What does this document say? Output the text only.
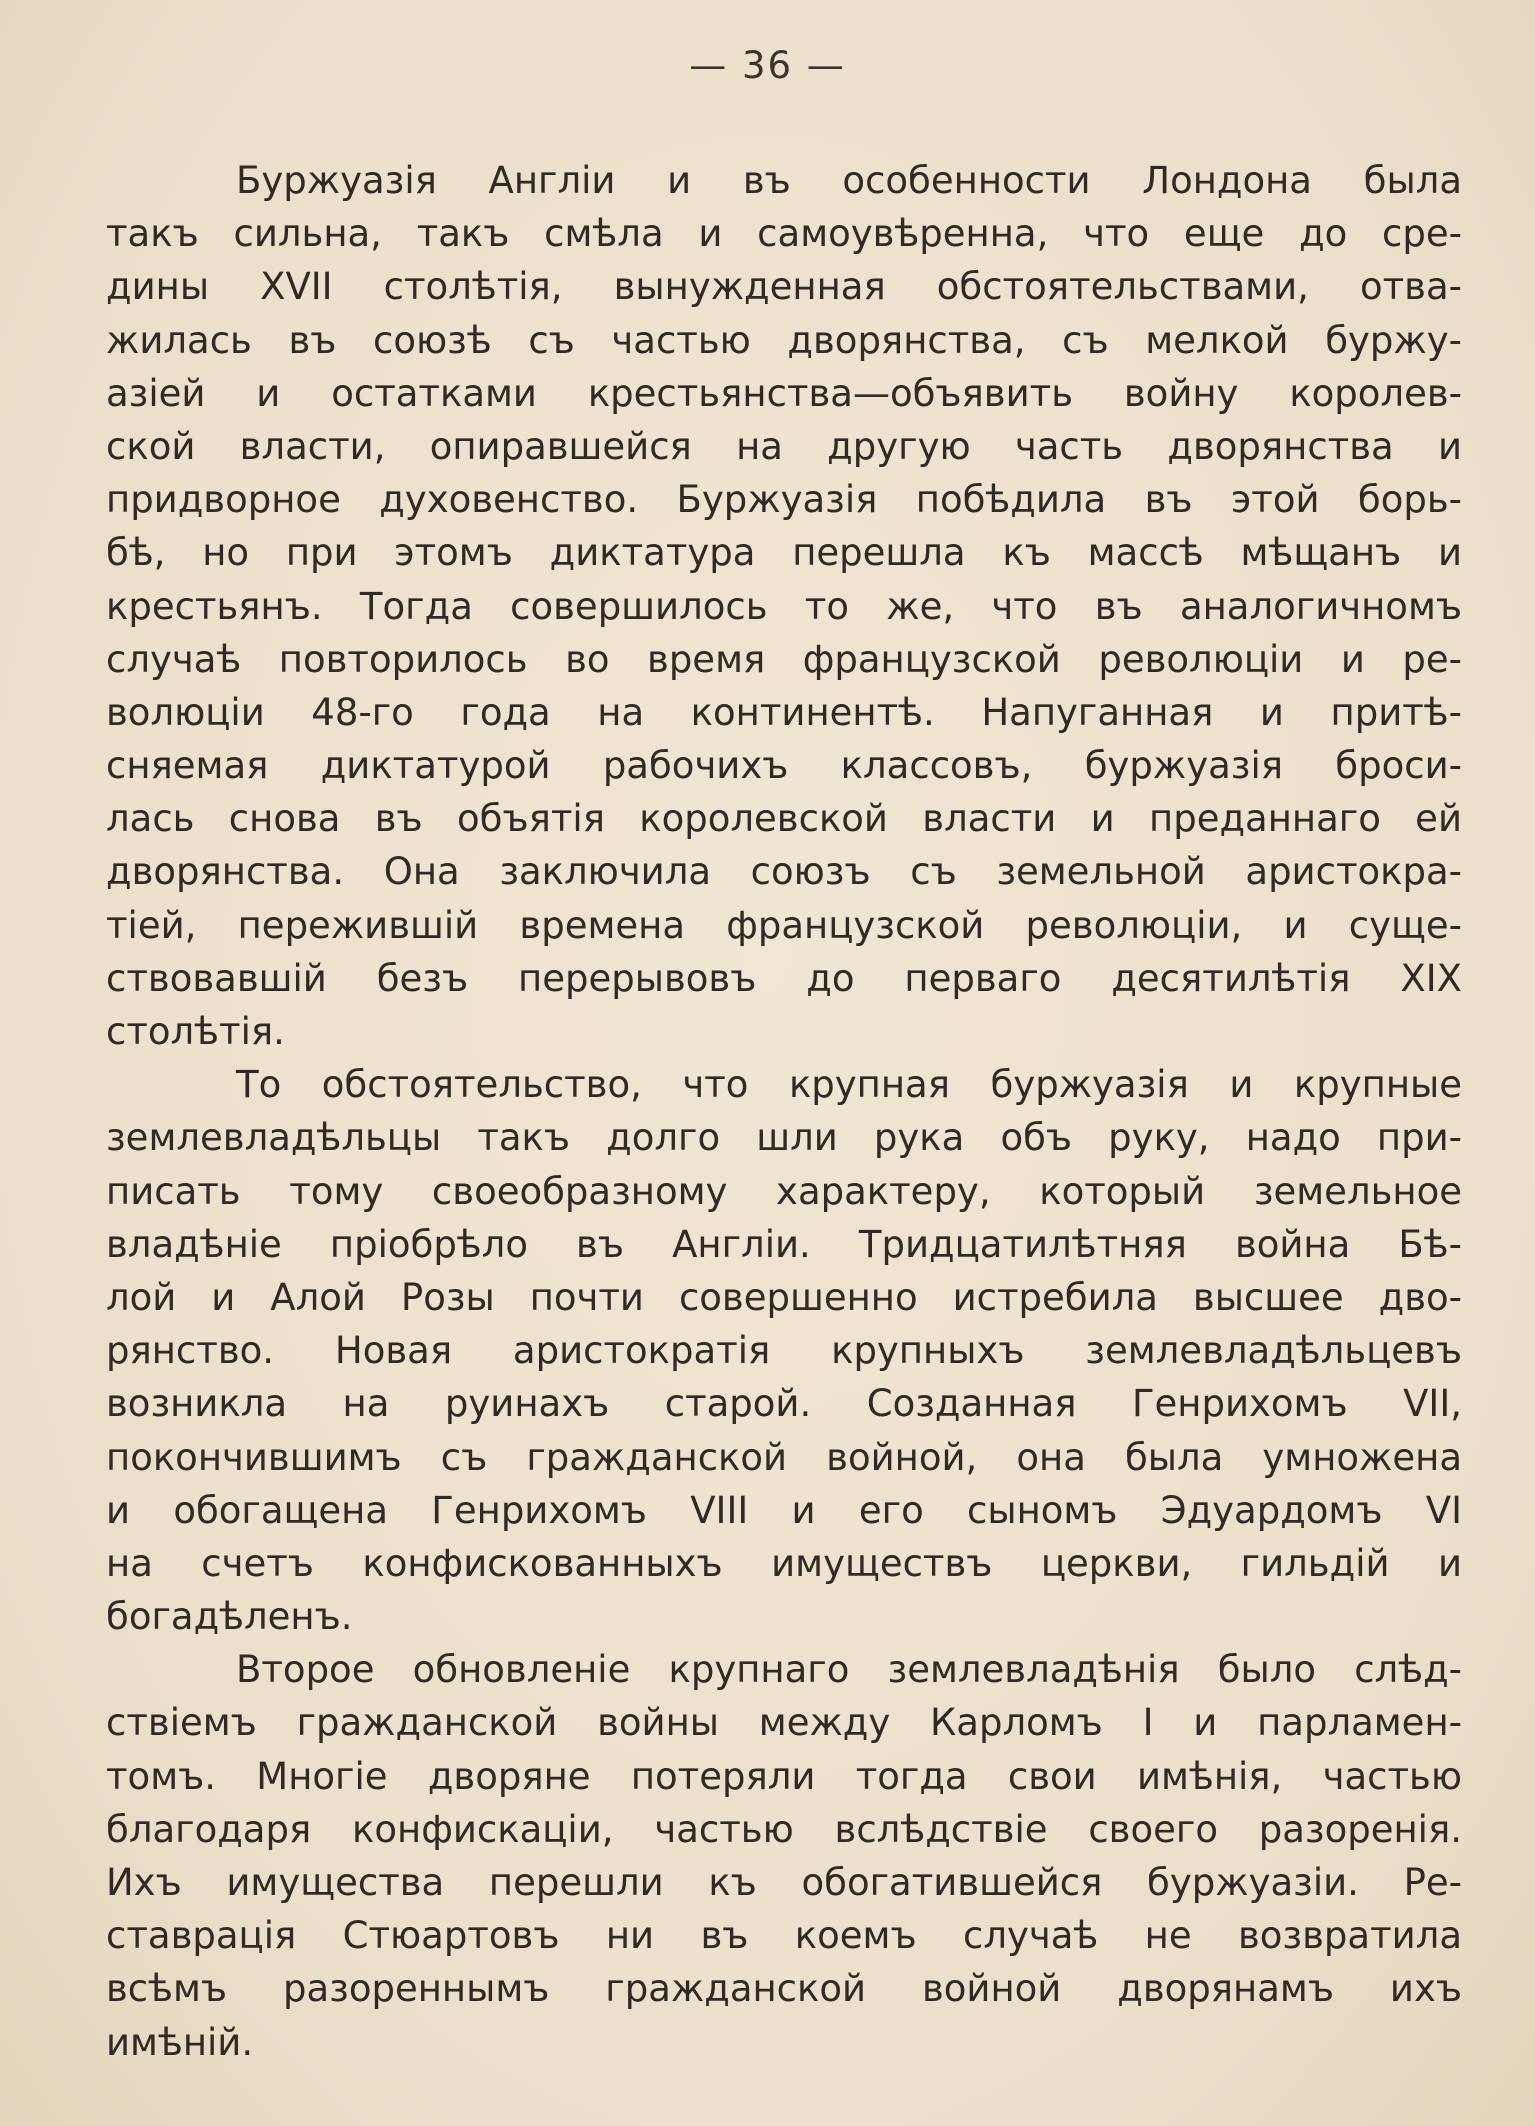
— 36 —
Буржуазія Англіи и въ особенности Лондона была
такъ сильна, такъ смѣла и самоувѣренна, что еще до сре-
дины XVII столѣтія, вынужденная обстоятельствами, отва-
жилась въ союзѣ съ частью дворянства, съ мелкой буржу-
азіей и остатками крестьянства—объявить войну королев-
ской власти, опиравшейся на другую часть дворянства и
придворное духовенство. Буржуазія побѣдила въ этой борь-
бѣ, но при этомъ диктатура перешла къ массѣ мѣщанъ и
крестьянъ. Тогда совершилось то же, что въ аналогичномъ
случаѣ повторилось во время французской революціи и ре-
волюціи 48-го года на континентѣ. Напуганная и притѣ-
сняемая диктатурой рабочихъ классовъ, буржуазія броси-
лась снова въ объятія королевской власти и преданнаго ей
дворянства. Она заключила союзъ съ земельной аристокра-
тіей, пережившій времена французской революціи, и суще-
ствовавшій безъ перерывовъ до перваго десятилѣтія XIX
столѣтія.
То обстоятельство, что крупная буржуазія и крупные
землевладѣльцы такъ долго шли рука объ руку, надо при-
писать тому своеобразному характеру, который земельное
владѣніе пріобрѣло въ Англіи. Тридцатилѣтняя война Бѣ-
лой и Алой Розы почти совершенно истребила высшее дво-
рянство. Новая аристократія крупныхъ землевладѣльцевъ
возникла на руинахъ старой. Созданная Генрихомъ VII,
покончившимъ съ гражданской войной, она была умножена
и обогащена Генрихомъ VIII и его сыномъ Эдуардомъ VI
на счетъ конфискованныхъ имуществъ церкви, гильдій и
богадѣленъ.
Второе обновленіе крупнаго землевладѣнія было слѣд-
ствіемъ гражданской войны между Карломъ I и парламен-
томъ. Многіе дворяне потеряли тогда свои имѣнія, частью
благодаря конфискаціи, частью вслѣдствіе своего разоренія.
Ихъ имущества перешли къ обогатившейся буржуазіи. Ре-
ставрація Стюартовъ ни въ коемъ случаѣ не возвратила
всѣмъ разореннымъ гражданской войной дворянамъ ихъ
имѣній.
